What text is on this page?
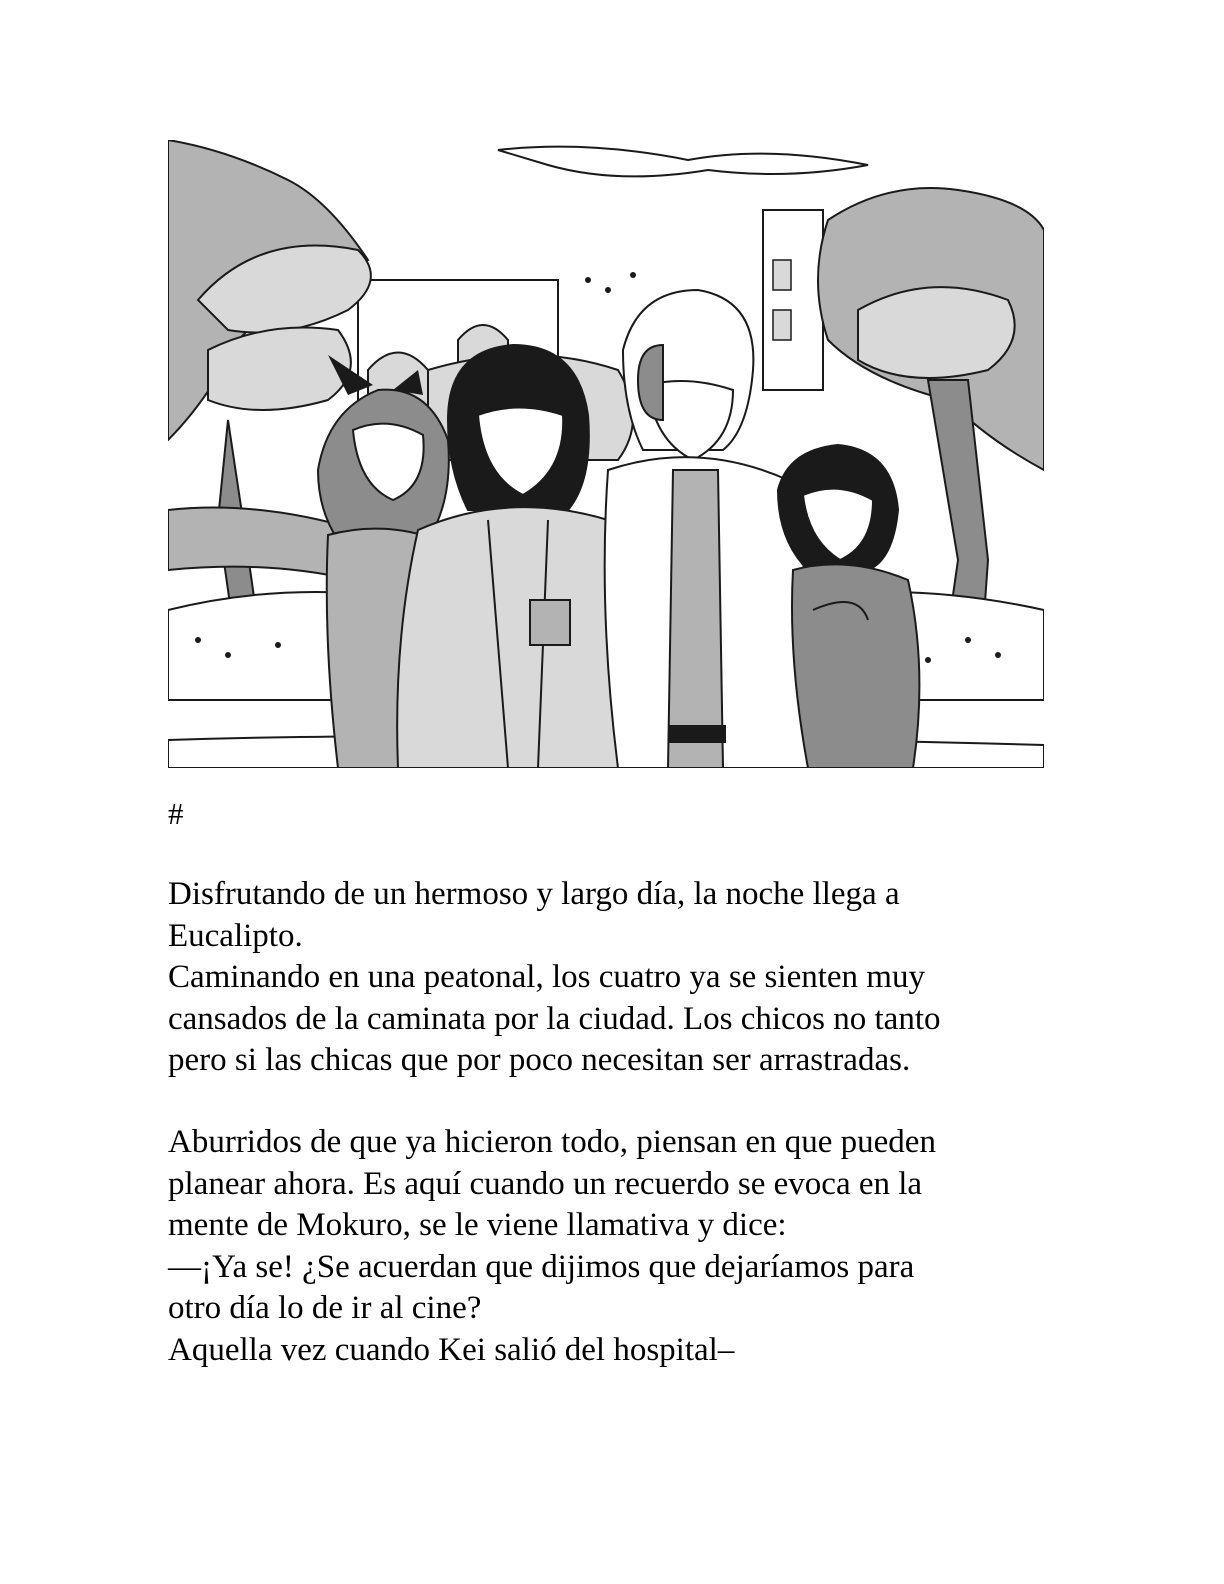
#

Disfrutando de un hermoso y largo día, la noche llega a

Eucalipto.

Caminando en una peatonal, los cuatro ya se sienten muy

cansados de la caminata por la ciudad. Los chicos no tanto

pero si las chicas que por poco necesitan ser arrastradas.

Aburridos de que ya hicieron todo, piensan en que pueden

planear ahora. Es aquí cuando un recuerdo se evoca en la

mente de Mokuro, se le viene llamativa y dice:

—¡Ya se! ¿Se acuerdan que dijimos que dejaríamos para

otro día lo de ir al cine?

Aquella vez cuando Kei salió del hospital–
